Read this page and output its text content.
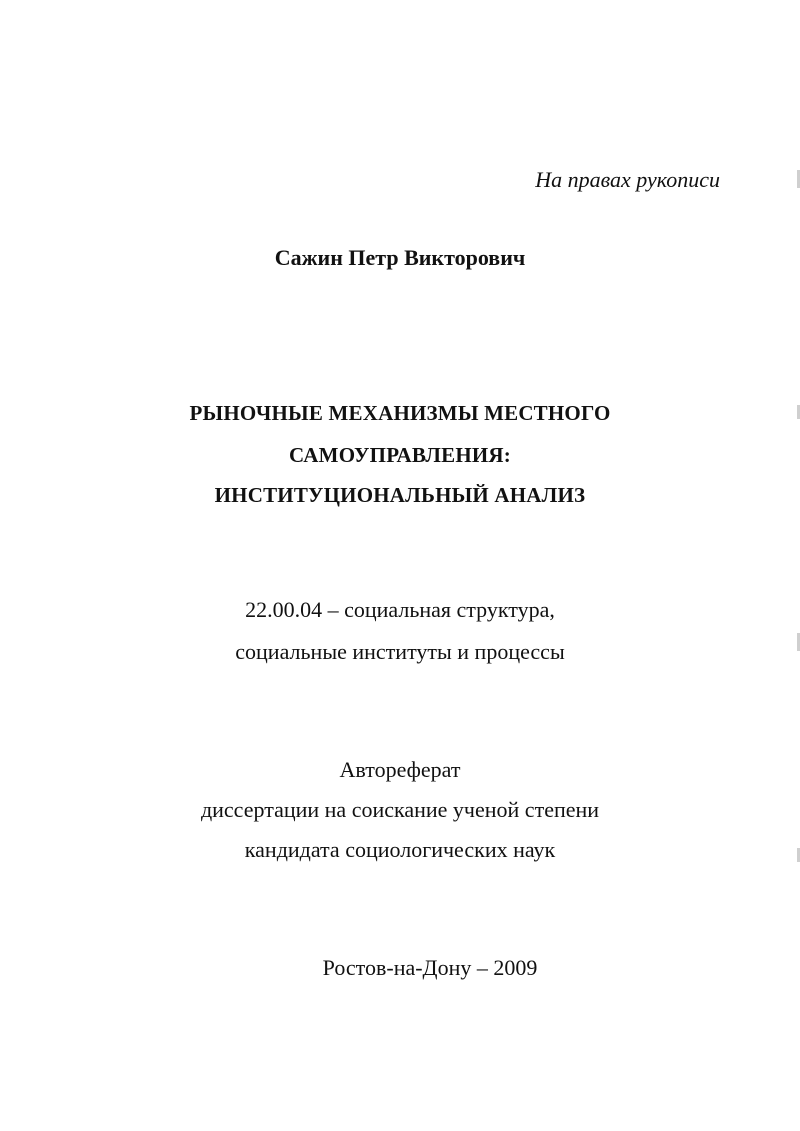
На правах рукописи
Сажин Петр Викторович
РЫНОЧНЫЕ МЕХАНИЗМЫ МЕСТНОГО
САМОУПРАВЛЕНИЯ:
ИНСТИТУЦИОНАЛЬНЫЙ АНАЛИЗ
22.00.04 – социальная структура,
социальные институты и процессы
Автореферат
диссертации на соискание ученой степени
кандидата социологических наук
Ростов-на-Дону – 2009
